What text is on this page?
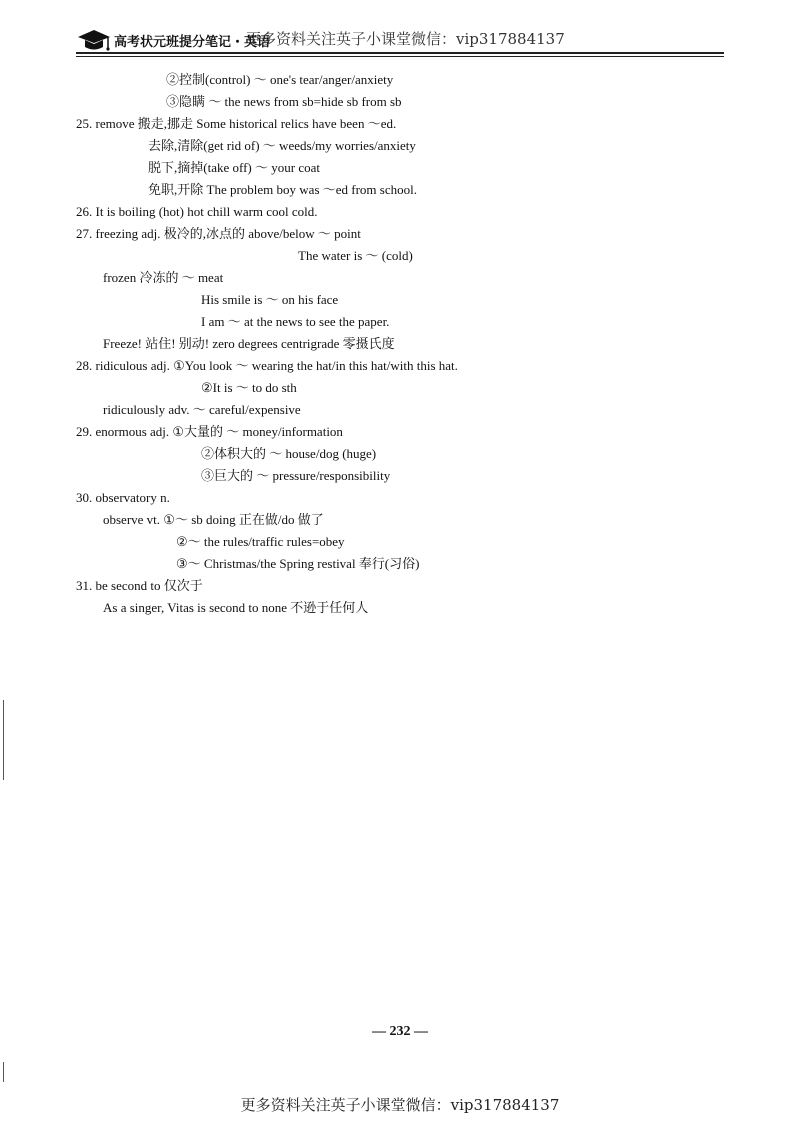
高考状元班提分笔记・英语
更多资料关注英子小课堂微信：vip317884137
②控制(control) ～ one's tear/anger/anxiety
③隐瞒 ～ the news from sb=hide sb from sb
25. remove 搬走,挪走 Some historical relics have been ～ed.
去除,清除(get rid of) ～ weeds/my worries/anxiety
脱下,摘掉(take off) ～ your coat
免职,开除 The problem boy was ～ed from school.
26. It is boiling (hot) hot chill warm cool cold.
27. freezing adj. 极冷的,冰点的 above/below ～ point
The water is ～ (cold)
frozen 冷冻的 ～ meat
His smile is ～ on his face
I am ～ at the news to see the paper.
Freeze! 站住! 别动! zero degrees centrigrade 零摄氏度
28. ridiculous adj. ①You look ～ wearing the hat/in this hat/with this hat.
②It is ～ to do sth
ridiculously adv. ～ careful/expensive
29. enormous adj. ①大量的 ～ money/information
②体积大的 ～ house/dog (huge)
③巨大的 ～ pressure/responsibility
30. observatory n.
observe vt. ①～ sb doing 正在做/do 做了
②～ the rules/traffic rules=obey
③～ Christmas/the Spring restival 奉行(习俗)
31. be second to 仅次于
As a singer, Vitas is second to none 不逊于任何人
— 232 —
更多资料关注英子小课堂微信：vip317884137
